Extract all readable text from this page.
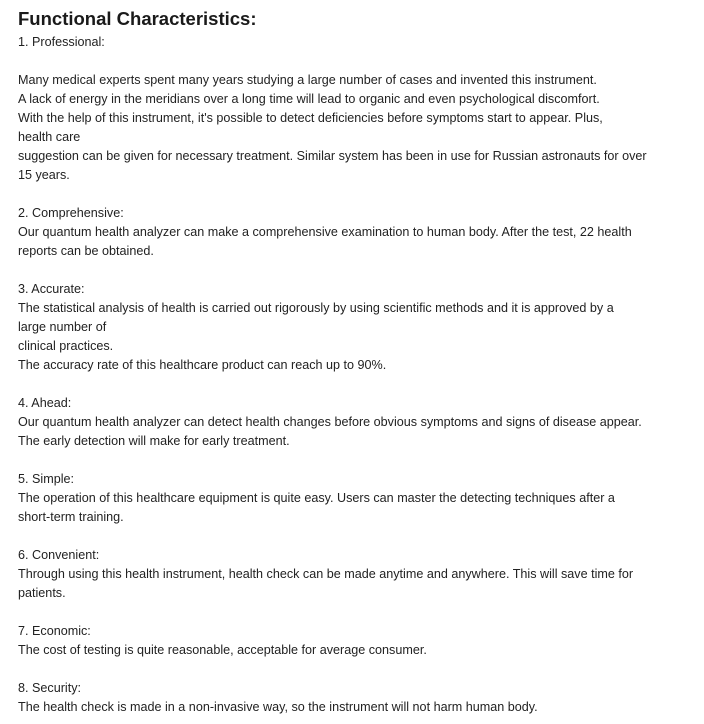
Functional Characteristics:

1. Professional:

Many medical experts spent many years studying a large number of cases and invented this instrument.

A lack of energy in the meridians over a long time will lead to organic and even psychological discomfort.

With the help of this instrument, it's possible to detect deficiencies before symptoms start to appear. Plus,

health care

suggestion can be given for necessary treatment. Similar system has been in use for Russian astronauts for over

15 years.

2. Comprehensive:

Our quantum health analyzer can make a comprehensive examination to human body. After the test, 22 health

reports can be obtained.

3. Accurate:

The statistical analysis of health is carried out rigorously by using scientific methods and it is approved by a

large number of

clinical practices.

The accuracy rate of this healthcare product can reach up to 90%.

4. Ahead:

Our quantum health analyzer can detect health changes before obvious symptoms and signs of disease appear.

The early detection will make for early treatment.

5. Simple:

The operation of this healthcare equipment is quite easy. Users can master the detecting techniques after a

short-term training.

6. Convenient:

Through using this health instrument, health check can be made anytime and anywhere. This will save time for

patients.

7. Economic:

The cost of testing is quite reasonable, acceptable for average consumer.

8. Security:

The health check is made in a non-invasive way, so the instrument will not harm human body.
